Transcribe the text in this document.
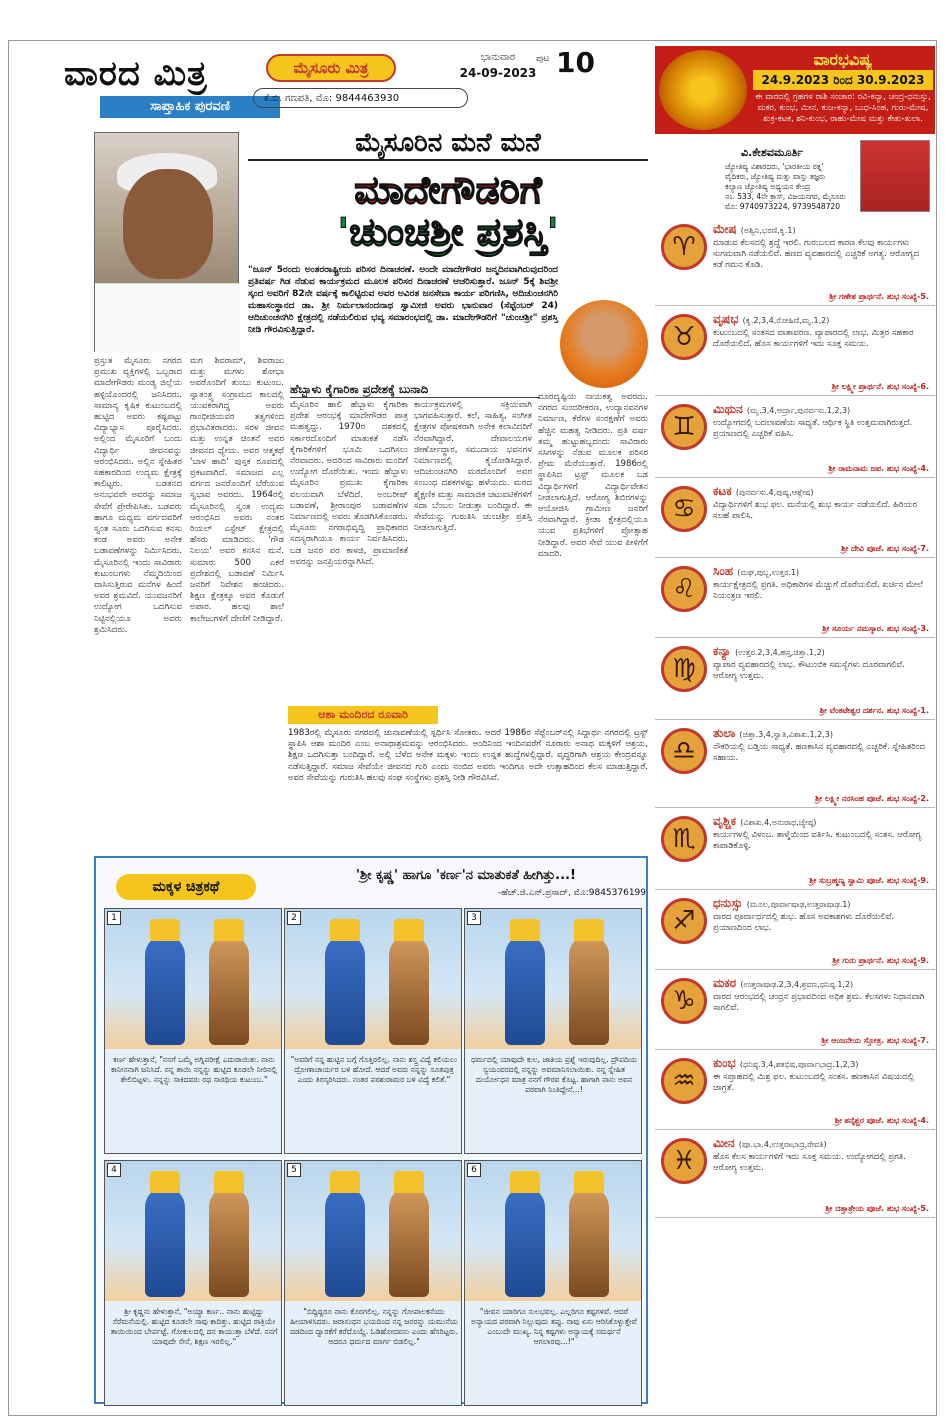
ವಾರದ ಮಿತ್ರ
ಸಾಪ್ತಾಹಿಕ ಪುರವಣಿ
ಮೈಸೂರು ಮಿತ್ರ
ಕೆ.ಬಿ. ಗಣಪತಿ, ಮೊ: 9844463930
ಭಾನುವಾರ
24-09-2023
ಪುಟ 10	ವಾರಭವಿಷ್ಯ
24.9.2023 ರಿಂದ 30.9.2023
ಈ ವಾರದಲ್ಲಿ ಗ್ರಹಗಳ ರಾಶಿ ಸಂಚಾರ: ರವಿ-ಕನ್ಯಾ, ಚಂದ್ರ-ಧನುಸ್ಸು, ಮಕರ, ಕುಂಭ, ಮೀನ, ಕುಜ-ಕನ್ಯಾ, ಬುಧ-ಸಿಂಹ, ಗುರು-ಮೇಷ, ಶುಕ್ರ-ಕಟಕ, ಶನಿ-ಕುಂಭ, ರಾಹು-ಮೇಷ ಮತ್ತು ಕೇತು-ತುಲಾ.
ವಿ.ಕೇಶವಮೂರ್ತಿ
ಜ್ಯೋತಿಷ್ಯ ವಿಶಾರದರು, 'ಭಾರತೀಯ ರತ್ನ'
ವೈದಿಕರು, ಜ್ಯೋತಿಷ್ಯ ಮತ್ತು ವಾಸ್ತು ತಜ್ಞರು
ಕಲ್ಯಾಣ ಜ್ಯೋತಿಷ್ಯ ಅಧ್ಯಯನ ಕೇಂದ್ರ
ನಂ. 533, 4ನೇ ಕ್ರಾಸ್, ವಿಜಯನಗರ, ಮೈಸೂರು
ಮೊ: 9740973224, 9739548720
♈
ಮೇಷ (ಅಶ್ವಿನಿ,ಭರಣಿ,ಕೃ.1)
ಮಾಡುವ ಕೆಲಸದಲ್ಲಿ ಶ್ರದ್ಧೆ ಇರಲಿ. ಗುರುಬಲದ ಕಾರಣ ಕೆಲವು ಕಾರ್ಯಗಳು ಸುಗಮವಾಗಿ ನಡೆಯಲಿವೆ. ಹಣದ ವ್ಯವಹಾರದಲ್ಲಿ ಎಚ್ಚರಿಕೆ ಅಗತ್ಯ. ಆರೋಗ್ಯದ ಕಡೆ ಗಮನ ಕೊಡಿ.
ಶ್ರೀ ಗಣೇಶ ಪ್ರಾರ್ಥನೆ. ಶುಭ ಸಂಖ್ಯೆ-5.
♉
ವೃಷಭ (ಕೃ.2,3,4,ರೋಹಿಣಿ,ಮೃ.1,2)
ಕುಟುಂಬದಲ್ಲಿ ಸಂತಸದ ವಾತಾವರಣ. ವ್ಯಾಪಾರದಲ್ಲಿ ಲಾಭ. ಮಿತ್ರರ ಸಹಕಾರ ದೊರೆಯಲಿದೆ. ಹೊಸ ಕಾರ್ಯಗಳಿಗೆ ಇದು ಸೂಕ್ತ ಸಮಯ.
ಶ್ರೀ ಲಕ್ಷ್ಮೀ ಪ್ರಾರ್ಥನೆ. ಶುಭ ಸಂಖ್ಯೆ-6.
♊
ಮಿಥುನ (ಮೃ.3,4,ಆರ್ದ್ರಾ,ಪುನರ್ವಸು.1,2,3)
ಉದ್ಯೋಗದಲ್ಲಿ ಬದಲಾವಣೆಯ ಸಾಧ್ಯತೆ. ಆರ್ಥಿಕ ಸ್ಥಿತಿ ಉತ್ತಮವಾಗಿರುತ್ತದೆ. ಪ್ರಯಾಣದಲ್ಲಿ ಎಚ್ಚರಿಕೆ ವಹಿಸಿ.
ಶ್ರೀ ರಾಮನಾಮ ಜಪ. ಶುಭ ಸಂಖ್ಯೆ-4.
♋
ಕಟಕ (ಪುನರ್ವಸು.4,ಪುಷ್ಯ,ಆಶ್ಲೇಷ)
ವಿದ್ಯಾರ್ಥಿಗಳಿಗೆ ಶುಭ ಫಲ. ಮನೆಯಲ್ಲಿ ಶುಭ ಕಾರ್ಯ ನಡೆಯಲಿದೆ. ಹಿರಿಯರ ಸಲಹೆ ಪಾಲಿಸಿ.
ಶ್ರೀ ದೇವಿ ಪೂಜೆ. ಶುಭ ಸಂಖ್ಯೆ-7.
♌
ಸಿಂಹ (ಮಘ,ಪುಬ್ಬ,ಉತ್ತರ.1)
ಕಾರ್ಯಕ್ಷೇತ್ರದಲ್ಲಿ ಪ್ರಗತಿ. ಅಧಿಕಾರಿಗಳ ಮೆಚ್ಚುಗೆ ದೊರೆಯಲಿದೆ. ಖರ್ಚಿನ ಮೇಲೆ ನಿಯಂತ್ರಣ ಇರಲಿ.
ಶ್ರೀ ಸೂರ್ಯ ನಮಸ್ಕಾರ. ಶುಭ ಸಂಖ್ಯೆ-3.
♍
ಕನ್ಯಾ (ಉತ್ತರ.2,3,4,ಹಸ್ತ,ಚಿತ್ತಾ.1,2)
ವ್ಯಾಪಾರ ವ್ಯವಹಾರದಲ್ಲಿ ಲಾಭ. ಕೌಟುಂಬಿಕ ಸಮಸ್ಯೆಗಳು ದೂರವಾಗಲಿವೆ. ಆರೋಗ್ಯ ಉತ್ತಮ.
ಶ್ರೀ ವೆಂಕಟೇಶ್ವರ ದರ್ಶನ. ಶುಭ ಸಂಖ್ಯೆ-1.
♎
ತುಲಾ (ಚಿತ್ತಾ.3,4,ಸ್ವಾತಿ,ವಿಶಾಖ.1,2,3)
ನೌಕರಿಯಲ್ಲಿ ಬಡ್ತಿಯ ಸಾಧ್ಯತೆ. ಹಣಕಾಸಿನ ವ್ಯವಹಾರದಲ್ಲಿ ಎಚ್ಚರಿಕೆ. ಸ್ನೇಹಿತರಿಂದ ಸಹಾಯ.
ಶ್ರೀ ಲಕ್ಷ್ಮೀ ನರಸಿಂಹ ಪೂಜೆ. ಶುಭ ಸಂಖ್ಯೆ-2.
♏
ವೃಶ್ಚಿಕ (ವಿಶಾಖ.4,ಅನುರಾಧ,ಜ್ಯೇಷ್ಠ)
ಕಾರ್ಯಗಳಲ್ಲಿ ವಿಳಂಬ. ತಾಳ್ಮೆಯಿಂದ ವರ್ತಿಸಿ. ಕುಟುಂಬದಲ್ಲಿ ಸಂತಸ. ಆರೋಗ್ಯ ಕಾಪಾಡಿಕೊಳ್ಳಿ.
ಶ್ರೀ ಸುಬ್ರಹ್ಮಣ್ಯ ಸ್ವಾಮಿ ಪೂಜೆ. ಶುಭ ಸಂಖ್ಯೆ-9.
♐
ಧನುಸ್ಸು (ಮೂಲ,ಪೂರ್ವಾಷಾಢ,ಉತ್ತರಾಷಾಢ.1)
ವಾರದ ಪೂರ್ವಾರ್ಧದಲ್ಲಿ ಶುಭ. ಹೊಸ ಅವಕಾಶಗಳು ದೊರೆಯಲಿವೆ. ಪ್ರಯಾಣದಿಂದ ಲಾಭ.
ಶ್ರೀ ಗುರು ಪ್ರಾರ್ಥನೆ. ಶುಭ ಸಂಖ್ಯೆ-9.
♑
ಮಕರ (ಉತ್ತರಾಷಾಢ.2,3,4,ಶ್ರವಣ,ಧನಿಷ್ಠ.1,2)
ವಾರದ ಆರಂಭದಲ್ಲಿ ಚಂದ್ರನ ಪ್ರಭಾವದಿಂದ ಅಧಿಕ ಶ್ರಮ. ಕೆಲಸಗಳು ನಿಧಾನವಾಗಿ ಸಾಗಲಿವೆ.
ಶ್ರೀ ಆಂಜನೇಯ ಸ್ತೋತ್ರ. ಶುಭ ಸಂಖ್ಯೆ-7.
♒
ಕುಂಭ (ಧನಿಷ್ಠ.3,4,ಶತಭಿಷ,ಪೂರ್ವಾಭಾದ್ರ.1,2,3)
ಈ ಸಪ್ತಾಹದಲ್ಲಿ ಮಿಶ್ರ ಫಲ. ಕುಟುಂಬದಲ್ಲಿ ಸಂತಸ. ಹಣಕಾಸಿನ ವಿಷಯದಲ್ಲಿ ಜಾಗ್ರತೆ.
ಶ್ರೀ ಶನೈಶ್ಚರ ಪೂಜೆ. ಶುಭ ಸಂಖ್ಯೆ-4.
♓
ಮೀನ (ಪೂ.ಭಾ.4,ಉತ್ತರಾಭಾದ್ರ,ರೇವತಿ)
ಹೊಸ ಕೆಲಸ ಕಾರ್ಯಗಳಿಗೆ ಇದು ಸೂಕ್ತ ಸಮಯ. ಉದ್ಯೋಗದಲ್ಲಿ ಪ್ರಗತಿ. ಆರೋಗ್ಯ ಉತ್ತಮ.
ಶ್ರೀ ದತ್ತಾತ್ರೇಯ ಪೂಜೆ. ಶುಭ ಸಂಖ್ಯೆ-5.
ಮೈಸೂರಿನ ಮನೆ ಮನೆ
ಮಾದೇಗೌಡರಿಗೆ
'ಚುಂಚಶ್ರೀ ಪ್ರಶಸ್ತಿ'
"ಜೂನ್ 5ರಂದು ಅಂತರರಾಷ್ಟ್ರೀಯ ಪರಿಸರ ದಿನಾಚರಣೆ. ಅಂದೇ ಮಾದೇಗೌಡರ ಜನ್ಮದಿನವಾಗಿರುವುದರಿಂದ ಪ್ರತಿವರ್ಷ ಗಿಡ ನೆಡುವ ಕಾರ್ಯಕ್ರಮದ ಮೂಲಕ ಪರಿಸರ ದಿನಾಚರಣೆ ಆಚರಿಸುತ್ತಾರೆ. ಜೂನ್ 5ಕ್ಕೆ ಶಿವಶ್ರೀ ಸ್ಕಂದ ಅವರಿಗೆ 82ನೇ ವರ್ಷಕ್ಕೆ ಕಾಲಿಟ್ಟಿರುವ ಅವರ ಅವಿರತ ಜನಸೇವಾ ಕಾರ್ಯ ಪರಿಗಣಿಸಿ, ಆದಿಚುಂಚನಗಿರಿ ಮಹಾಸಂಸ್ಥಾನದ ಡಾ. ಶ್ರೀ ನಿರ್ಮಲಾನಂದನಾಥ ಸ್ವಾಮೀಜಿ ಅವರು ಭಾನುವಾರ (ಸೆಪ್ಟೆಂಬರ್ 24) ಆದಿಚುಂಚನಗಿರಿ ಕ್ಷೇತ್ರದಲ್ಲಿ ನಡೆಯಲಿರುವ ಭವ್ಯ ಸಮಾರಂಭದಲ್ಲಿ ಡಾ. ಮಾದೇಗೌಡರಿಗೆ "ಚುಂಚಶ್ರೀ" ಪ್ರಶಸ್ತಿ ನೀಡಿ ಗೌರವಿಸುತ್ತಿದ್ದಾರೆ.
ಪ್ರಸ್ತುತ ಮೈಸೂರು ನಗರದ ಪ್ರಮುಖ ವ್ಯಕ್ತಿಗಳಲ್ಲಿ ಒಬ್ಬರಾದ ಮಾದೇಗೌಡರು ಮಂಡ್ಯ ಜಿಲ್ಲೆಯ ಹಳ್ಳಿಯೊಂದರಲ್ಲಿ ಜನಿಸಿದರು. ಸಾಮಾನ್ಯ ಕೃಷಿಕ ಕುಟುಂಬದಲ್ಲಿ ಹುಟ್ಟಿದ ಅವರು ಕಷ್ಟಪಟ್ಟು ವಿದ್ಯಾಭ್ಯಾಸ ಪೂರೈಸಿದರು. ಅಲ್ಲಿಂದ ಮೈಸೂರಿಗೆ ಬಂದು ವಿದ್ಯಾರ್ಥಿ ಜೀವನವನ್ನು ಆರಂಭಿಸಿದರು. ಅಲ್ಲಿನ ಸ್ನೇಹಿತರ ಸಹಕಾರದಿಂದ ಉದ್ಯಮ ಕ್ಷೇತ್ರಕ್ಕೆ ಕಾಲಿಟ್ಟರು. ಬಡತನದ ಅನುಭವವೇ ಅವರನ್ನು ಸಮಾಜ ಸೇವೆಗೆ ಪ್ರೇರೇಪಿಸಿತು. ಬಡವರು ಹಾಗೂ ಮಧ್ಯಮ ವರ್ಗದವರಿಗೆ ಸ್ವಂತ ಸೂರು ಒದಗಿಸುವ ಕನಸು ಕಂಡ ಅವರು ಅನೇಕ ಬಡಾವಣೆಗಳನ್ನು ನಿರ್ಮಿಸಿದರು. ಮೈಸೂರಿನಲ್ಲಿ ಇಂದು ಸಾವಿರಾರು ಕುಟುಂಬಗಳು ನೆಮ್ಮದಿಯಿಂದ ವಾಸಿಸುತ್ತಿರುವ ಮನೆಗಳ ಹಿಂದೆ ಅವರ ಶ್ರಮವಿದೆ. ಯುವಜನರಿಗೆ ಉದ್ಯೋಗ ಒದಗಿಸುವ ನಿಟ್ಟಿನಲ್ಲಿಯೂ ಅವರು ಶ್ರಮಿಸಿದರು.
ಮಗ ಶಿವರಾಮ್, ಶಿವರಾಜು ಮತ್ತು ಮಗಳು ಶೋಭಾ ಅವರೊಂದಿಗೆ ತುಂಬು ಕುಟುಂಬ. ಸ್ವಾತಂತ್ರ್ಯ ಸಂಗ್ರಾಮದ ಕಾಲದಲ್ಲಿ ಯುವಕರಾಗಿದ್ದ ಅವರು ಗಾಂಧೀಜಿಯವರ ತತ್ವಗಳಿಂದ ಪ್ರಭಾವಿತರಾದರು. ಸರಳ ಜೀವನ ಮತ್ತು ಉನ್ನತ ಚಿಂತನೆ ಅವರ ಜೀವನದ ಧ್ಯೇಯ. ಅವರ ಆತ್ಮಕಥೆ 'ಬಾಳ ಹಾದಿ' ಪುಸ್ತಕ ರೂಪದಲ್ಲಿ ಪ್ರಕಟವಾಗಿದೆ. ಸಮಾಜದ ಎಲ್ಲ ವರ್ಗದ ಜನರೊಂದಿಗೆ ಬೆರೆಯುವ ಸ್ವಭಾವ ಅವರದು. 1964ರಲ್ಲಿ ಮೈಸೂರಿನಲ್ಲಿ ಸ್ವಂತ ಉದ್ಯಮ ಆರಂಭಿಸಿದ ಅವರು ನಂತರ ರಿಯಲ್ ಎಸ್ಟೇಟ್ ಕ್ಷೇತ್ರದಲ್ಲಿ ಹೆಸರು ಮಾಡಿದರು. 'ಗೌಡ ನಿಲಯ' ಅವರ ಕನಸಿನ ಮನೆ. ಸುಮಾರು 500 ಎಕರೆ ಪ್ರದೇಶದಲ್ಲಿ ಬಡಾವಣೆ ನಿರ್ಮಿಸಿ ಜನರಿಗೆ ನಿವೇಶನ ಹಂಚಿದರು. ಶಿಕ್ಷಣ ಕ್ಷೇತ್ರಕ್ಕೂ ಅವರ ಕೊಡುಗೆ ಅಪಾರ. ಹಲವು ಶಾಲೆ ಕಾಲೇಜುಗಳಿಗೆ ದೇಣಿಗೆ ನೀಡಿದ್ದಾರೆ.
ಹೆಬ್ಬಾಳು ಕೈಗಾರಿಕಾ ಪ್ರದೇಶಕ್ಕೆ ಬುನಾದಿ
ಮೈಸೂರಿನ ಹಾಲಿ ಹೆಬ್ಬಾಳು ಕೈಗಾರಿಕಾ ಪ್ರದೇಶ ಆರಂಭಕ್ಕೆ ಮಾದೇಗೌಡರ ಪಾತ್ರ ಮಹತ್ವದ್ದು. 1970ರ ದಶಕದಲ್ಲಿ ಸರ್ಕಾರದೊಂದಿಗೆ ಮಾತುಕತೆ ನಡೆಸಿ ಕೈಗಾರಿಕೆಗಳಿಗೆ ಭೂಮಿ ಒದಗಿಸಲು ನೆರವಾದರು. ಅದರಿಂದ ಸಾವಿರಾರು ಮಂದಿಗೆ ಉದ್ಯೋಗ ದೊರೆಯಿತು. ಇಂದು ಹೆಬ್ಬಾಳು ಮೈಸೂರಿನ ಪ್ರಮುಖ ಕೈಗಾರಿಕಾ ವಲಯವಾಗಿ ಬೆಳೆದಿದೆ. ಅಂಬರೀಷ್ ಬಡಾವಣೆ, ಶ್ರೀರಾಂಪುರ ಬಡಾವಣೆಗಳ ನಿರ್ಮಾಣದಲ್ಲಿ ಅವರು ತೊಡಗಿಸಿಕೊಂಡರು. ಮೈಸೂರು ನಗರಾಭಿವೃದ್ಧಿ ಪ್ರಾಧಿಕಾರದ ಸದಸ್ಯರಾಗಿಯೂ ಕಾರ್ಯ ನಿರ್ವಹಿಸಿದರು. ಬಡ ಜನರ ಪರ ಕಾಳಜಿ, ಪ್ರಾಮಾಣಿಕತೆ ಅವರನ್ನು ಜನಪ್ರಿಯರನ್ನಾಗಿಸಿದೆ.
ಕಾರ್ಯಕ್ರಮಗಳಲ್ಲಿ ಸಕ್ರಿಯವಾಗಿ ಭಾಗವಹಿಸುತ್ತಾರೆ. ಕಲೆ, ಸಾಹಿತ್ಯ, ಸಂಗೀತ ಕ್ಷೇತ್ರಗಳ ಪೋಷಕರಾಗಿ ಅನೇಕ ಕಲಾವಿದರಿಗೆ ನೆರವಾಗಿದ್ದಾರೆ. ದೇವಾಲಯಗಳ ಜೀರ್ಣೋದ್ಧಾರ, ಸಮುದಾಯ ಭವನಗಳ ನಿರ್ಮಾಣದಲ್ಲಿ ಕೈಜೋಡಿಸಿದ್ದಾರೆ. ಆದಿಚುಂಚನಗಿರಿ ಮಠದೊಂದಿಗೆ ಅವರ ಸಂಬಂಧ ದಶಕಗಳಷ್ಟು ಹಳೆಯದು. ಮಠದ ಶೈಕ್ಷಣಿಕ ಮತ್ತು ಸಾಮಾಜಿಕ ಚಟುವಟಿಕೆಗಳಿಗೆ ಸದಾ ಬೆಂಬಲ ನೀಡುತ್ತಾ ಬಂದಿದ್ದಾರೆ. ಈ ಸೇವೆಯನ್ನು ಗುರುತಿಸಿ ಚುಂಚಶ್ರೀ ಪ್ರಶಸ್ತಿ ನೀಡಲಾಗುತ್ತಿದೆ.
ದೂರದೃಷ್ಟಿಯ ನಾಯಕತ್ವ ಅವರದು. ನಗರದ ಸುಂದರೀಕರಣ, ಉದ್ಯಾನವನಗಳ ನಿರ್ಮಾಣ, ಕೆರೆಗಳ ಸಂರಕ್ಷಣೆಗೆ ಅವರು ಹೆಚ್ಚಿನ ಮಹತ್ವ ನೀಡಿದರು. ಪ್ರತಿ ವರ್ಷ ತಮ್ಮ ಹುಟ್ಟುಹಬ್ಬದಂದು ಸಾವಿರಾರು ಸಸಿಗಳನ್ನು ನೆಡುವ ಮೂಲಕ ಪರಿಸರ ಪ್ರೇಮ ಮೆರೆಯುತ್ತಾರೆ. 1986ರಲ್ಲಿ ಸ್ಥಾಪಿಸಿದ ಟ್ರಸ್ಟ್ ಮೂಲಕ ಬಡ ವಿದ್ಯಾರ್ಥಿಗಳಿಗೆ ವಿದ್ಯಾರ್ಥಿವೇತನ ನೀಡಲಾಗುತ್ತಿದೆ. ಆರೋಗ್ಯ ಶಿಬಿರಗಳನ್ನು ಆಯೋಜಿಸಿ ಗ್ರಾಮೀಣ ಜನರಿಗೆ ನೆರವಾಗಿದ್ದಾರೆ. ಕ್ರೀಡಾ ಕ್ಷೇತ್ರದಲ್ಲಿಯೂ ಯುವ ಪ್ರತಿಭೆಗಳಿಗೆ ಪ್ರೋತ್ಸಾಹ ನೀಡಿದ್ದಾರೆ. ಅವರ ಸೇವೆ ಯುವ ಪೀಳಿಗೆಗೆ ಮಾದರಿ.
ಆಶಾ ಮಂದಿರದ ರೂವಾರಿ
1983ರಲ್ಲಿ ಮೈಸೂರು ನಗರದಲ್ಲಿ ಚುನಾವಣೆಯಲ್ಲಿ ಸ್ಪರ್ಧಿಸಿ ಸೋತರು. ಆದರೆ 1986ರ ಸೆಪ್ಟೆಂಬರ್‌ನಲ್ಲಿ ಸಿದ್ದಾರ್ಥ ನಗರದಲ್ಲಿ ಟ್ರಸ್ಟ್ ಸ್ಥಾಪಿಸಿ ಆಶಾ ಮಂದಿರ ಎಂಬ ಅನಾಥಾಶ್ರಮವನ್ನು ಆರಂಭಿಸಿದರು. ಅಂದಿನಿಂದ ಇಂದಿನವರೆಗೆ ನೂರಾರು ಅನಾಥ ಮಕ್ಕಳಿಗೆ ಆಶ್ರಯ, ಶಿಕ್ಷಣ ಒದಗಿಸುತ್ತಾ ಬಂದಿದ್ದಾರೆ. ಅಲ್ಲಿ ಬೆಳೆದ ಅನೇಕ ಮಕ್ಕಳು ಇಂದು ಉನ್ನತ ಹುದ್ದೆಗಳಲ್ಲಿದ್ದಾರೆ. ವೃದ್ಧರಿಗಾಗಿ ಆಶ್ರಯ ಕೇಂದ್ರವನ್ನೂ ನಡೆಸುತ್ತಿದ್ದಾರೆ. ಸಮಾಜ ಸೇವೆಯೇ ಜೀವನದ ಗುರಿ ಎಂದು ನಂಬಿದ ಅವರು ಇಂದಿಗೂ ಅದೇ ಉತ್ಸಾಹದಿಂದ ಕೆಲಸ ಮಾಡುತ್ತಿದ್ದಾರೆ. ಅವರ ಸೇವೆಯನ್ನು ಗುರುತಿಸಿ ಹಲವು ಸಂಘ ಸಂಸ್ಥೆಗಳು ಪ್ರಶಸ್ತಿ ನೀಡಿ ಗೌರವಿಸಿವೆ.
ಮಕ್ಕಳ ಚಿತ್ರಕಥೆ
'ಶ್ರೀ ಕೃಷ್ಣ' ಹಾಗೂ 'ಕರ್ಣ'ನ ಮಾತುಕತೆ ಹೀಗಿತ್ತು...!
-ಹೆಚ್.ಜಿ.ಎನ್.ಪ್ರಸಾದ್, ಮೊ:9845376199
1
ಕರ್ಣ ಹೇಳುತ್ತಾನೆ, "ನನಗೆ ಒಮ್ಮೆ ಅಗ್ನಿಪರೀಕ್ಷೆ ಎದುರಾಯಿತು. ನಾನು ಕಾನೀನನಾಗಿ ಜನಿಸಿದೆ. ನನ್ನ ತಾಯಿ ನನ್ನನ್ನು ಹುಟ್ಟಿದ ಕೂಡಲೇ ನೀರಿನಲ್ಲಿ ತೇಲಿಬಿಟ್ಟಳು. ನನ್ನನ್ನು ಸಾಕಿದವರು ರಥ ಸಾರಥಿಯ ಕುಟುಂಬ."
2
"ಅವರಿಗೆ ನನ್ನ ಹುಟ್ಟಿನ ಬಗ್ಗೆ ಗೊತ್ತಿರಲಿಲ್ಲ. ನಾನು ಶಸ್ತ್ರ ವಿದ್ಯೆ ಕಲಿಯಲು ದ್ರೋಣಾಚಾರ್ಯರ ಬಳಿ ಹೋದೆ. ಆದರೆ ಅವರು ನನ್ನನ್ನು ಸೂತಪುತ್ರ ಎಂದು ತಿರಸ್ಕರಿಸಿದರು. ನಂತರ ಪರಶುರಾಮರ ಬಳಿ ವಿದ್ಯೆ ಕಲಿತೆ."
3
ಧರ್ಮದಲ್ಲಿ ಯಾವುದೇ ಕುಲ, ಜಾತಿಯ ಪ್ರಶ್ನೆ ಇರುವುದಿಲ್ಲ. ದ್ರೌಪದಿಯ ಸ್ವಯಂವರದಲ್ಲಿ ನನ್ನನ್ನು ಅವಮಾನಿಸಲಾಯಿತು. ನನ್ನ ಸ್ನೇಹಿತ ದುರ್ಯೋಧನ ಮಾತ್ರ ನನಗೆ ಗೌರವ ಕೊಟ್ಟ. ಹಾಗಾಗಿ ನಾನು ಅವನ ಪರವಾಗಿ ನಿಂತಿದ್ದೇನೆ...!
4
ಶ್ರೀ ಕೃಷ್ಣನು ಹೇಳುತ್ತಾನೆ, "ಅಯ್ಯಾ ಕರ್ಣ.. ನಾನು ಹುಟ್ಟಿದ್ದು ಸೆರೆಮನೆಯಲ್ಲಿ. ಹುಟ್ಟಿದ ಕೂಡಲೇ ಸಾವು ಕಾದಿತ್ತು. ಹುಟ್ಟಿದ ರಾತ್ರಿಯೇ ತಾಯಿಯಿಂದ ಬೇರ್ಪಟ್ಟೆ. ಗೋಕುಲದಲ್ಲಿ ದನ ಕಾಯುತ್ತಾ ಬೆಳೆದೆ. ನನಗೆ ಯಾವುದೇ ಸೇನೆ, ಶಿಕ್ಷಣ ಇರಲಿಲ್ಲ."
5
"ಬಿದ್ದಿದ್ದರೂ ನಾನು ಕೊರಗಲಿಲ್ಲ. ನನ್ನನ್ನು ಗೋಪಾಲಕನೆಂದು ಹೀಯಾಳಿಸಿದರು. ಜರಾಸಂಧನ ಭಯದಿಂದ ನನ್ನ ಜನರನ್ನು ಯಮುನೆಯ ದಡದಿಂದ ದ್ವಾರಕೆಗೆ ಕರೆದೊಯ್ದೆ. ಓಡಿಹೋದವನು ಎಂದು ಹೆಸರಿಟ್ಟರು. ಆದರೂ ಧರ್ಮದ ಮಾರ್ಗ ಬಿಡಲಿಲ್ಲ."
6
"ಜೀವನ ಯಾರಿಗೂ ಸುಲಭವಲ್ಲ. ಎಲ್ಲರಿಗೂ ಕಷ್ಟಗಳಿವೆ. ಆದರೆ ಅನ್ಯಾಯದ ಪರವಾಗಿ ನಿಲ್ಲುವುದು ತಪ್ಪು. ನಾವು ಏನು ಆರಿಸಿಕೊಳ್ಳುತ್ತೇವೆ ಎಂಬುದೇ ಮುಖ್ಯ. ನಿನ್ನ ಕಷ್ಟಗಳು ಅನ್ಯಾಯಕ್ಕೆ ಸಮರ್ಥನೆ ಆಗಲಾರವು...!"
